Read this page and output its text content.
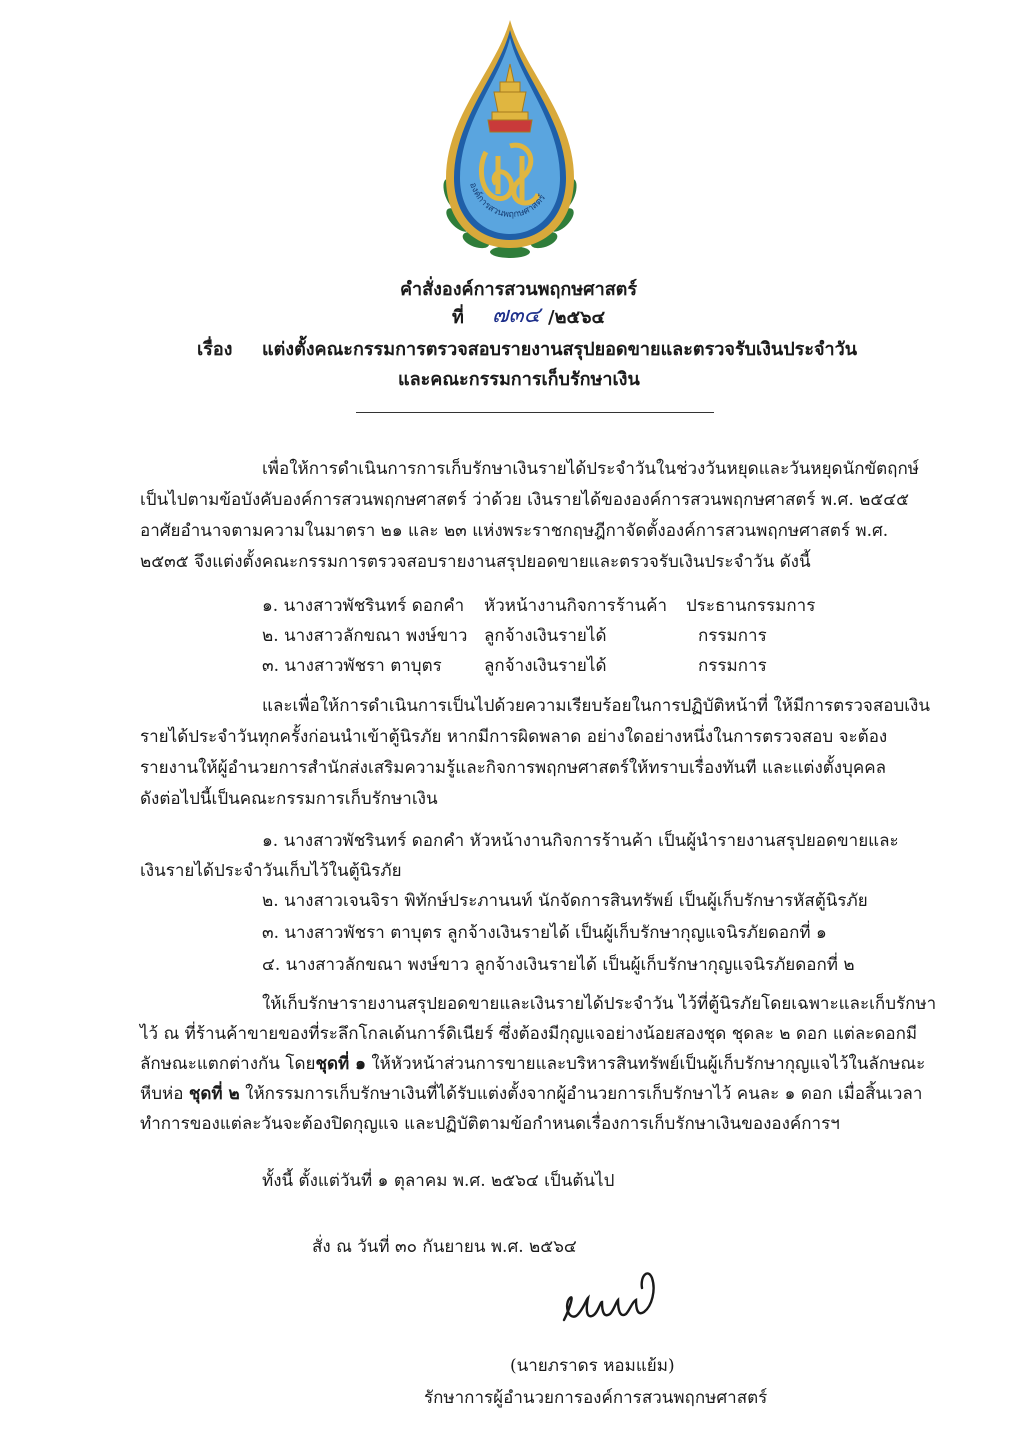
องค์การสวนพฤกษศาสตร์
คำสั่งองค์การสวนพฤกษศาสตร์
ที่ ๗๓๔ /๒๕๖๔
เรื่อง แต่งตั้งคณะกรรมการตรวจสอบรายงานสรุปยอดขายและตรวจรับเงินประจำวัน
และคณะกรรมการเก็บรักษาเงิน
เพื่อให้การดำเนินการการเก็บรักษาเงินรายได้ประจำวันในช่วงวันหยุดและวันหยุดนักขัตฤกษ์
เป็นไปตามข้อบังคับองค์การสวนพฤกษศาสตร์ ว่าด้วย เงินรายได้ขององค์การสวนพฤกษศาสตร์ พ.ศ. ๒๕๔๕
อาศัยอำนาจตามความในมาตรา ๒๑ และ ๒๓ แห่งพระราชกฤษฎีกาจัดตั้งองค์การสวนพฤกษศาสตร์ พ.ศ.
๒๕๓๕ จึงแต่งตั้งคณะกรรมการตรวจสอบรายงานสรุปยอดขายและตรวจรับเงินประจำวัน ดังนี้
๑. นางสาวพัชรินทร์ ดอกคำ หัวหน้างานกิจการร้านค้า ประธานกรรมการ
๒. นางสาวลักขณา พงษ์ขาว ลูกจ้างเงินรายได้	กรรมการ
๓. นางสาวพัชรา ตาบุตร ลูกจ้างเงินรายได้	กรรมการ
และเพื่อให้การดำเนินการเป็นไปด้วยความเรียบร้อยในการปฏิบัติหน้าที่ ให้มีการตรวจสอบเงิน
รายได้ประจำวันทุกครั้งก่อนนำเข้าตู้นิรภัย หากมีการผิดพลาด อย่างใดอย่างหนึ่งในการตรวจสอบ จะต้อง
รายงานให้ผู้อำนวยการสำนักส่งเสริมความรู้และกิจการพฤกษศาสตร์ให้ทราบเรื่องทันที และแต่งตั้งบุคคล
ดังต่อไปนี้เป็นคณะกรรมการเก็บรักษาเงิน
๑. นางสาวพัชรินทร์ ดอกคำ หัวหน้างานกิจการร้านค้า เป็นผู้นำรายงานสรุปยอดขายและ
เงินรายได้ประจำวันเก็บไว้ในตู้นิรภัย
๒. นางสาวเจนจิรา พิทักษ์ประภานนท์ นักจัดการสินทรัพย์ เป็นผู้เก็บรักษารหัสตู้นิรภัย
๓. นางสาวพัชรา ตาบุตร ลูกจ้างเงินรายได้ เป็นผู้เก็บรักษากุญแจนิรภัยดอกที่ ๑
๔. นางสาวลักขณา พงษ์ขาว ลูกจ้างเงินรายได้ เป็นผู้เก็บรักษากุญแจนิรภัยดอกที่ ๒
ให้เก็บรักษารายงานสรุปยอดขายและเงินรายได้ประจำวัน ไว้ที่ตู้นิรภัยโดยเฉพาะและเก็บรักษา
ไว้ ณ ที่ร้านค้าขายของที่ระลึกโกลเด้นการ์ดิเนียร์ ซึ่งต้องมีกุญแจอย่างน้อยสองชุด ชุดละ ๒ ดอก แต่ละดอกมี
ลักษณะแตกต่างกัน โดยชุดที่ ๑ ให้หัวหน้าส่วนการขายและบริหารสินทรัพย์เป็นผู้เก็บรักษากุญแจไว้ในลักษณะ
หีบห่อ ชุดที่ ๒ ให้กรรมการเก็บรักษาเงินที่ได้รับแต่งตั้งจากผู้อำนวยการเก็บรักษาไว้ คนละ ๑ ดอก เมื่อสิ้นเวลา
ทำการของแต่ละวันจะต้องปิดกุญแจ และปฏิบัติตามข้อกำหนดเรื่องการเก็บรักษาเงินขององค์การฯ
ทั้งนี้ ตั้งแต่วันที่ ๑ ตุลาคม พ.ศ. ๒๕๖๔ เป็นต้นไป
สั่ง ณ วันที่ ๓๐ กันยายน พ.ศ. ๒๕๖๔
(นายภราดร หอมแย้ม)
รักษาการผู้อำนวยการองค์การสวนพฤกษศาสตร์
